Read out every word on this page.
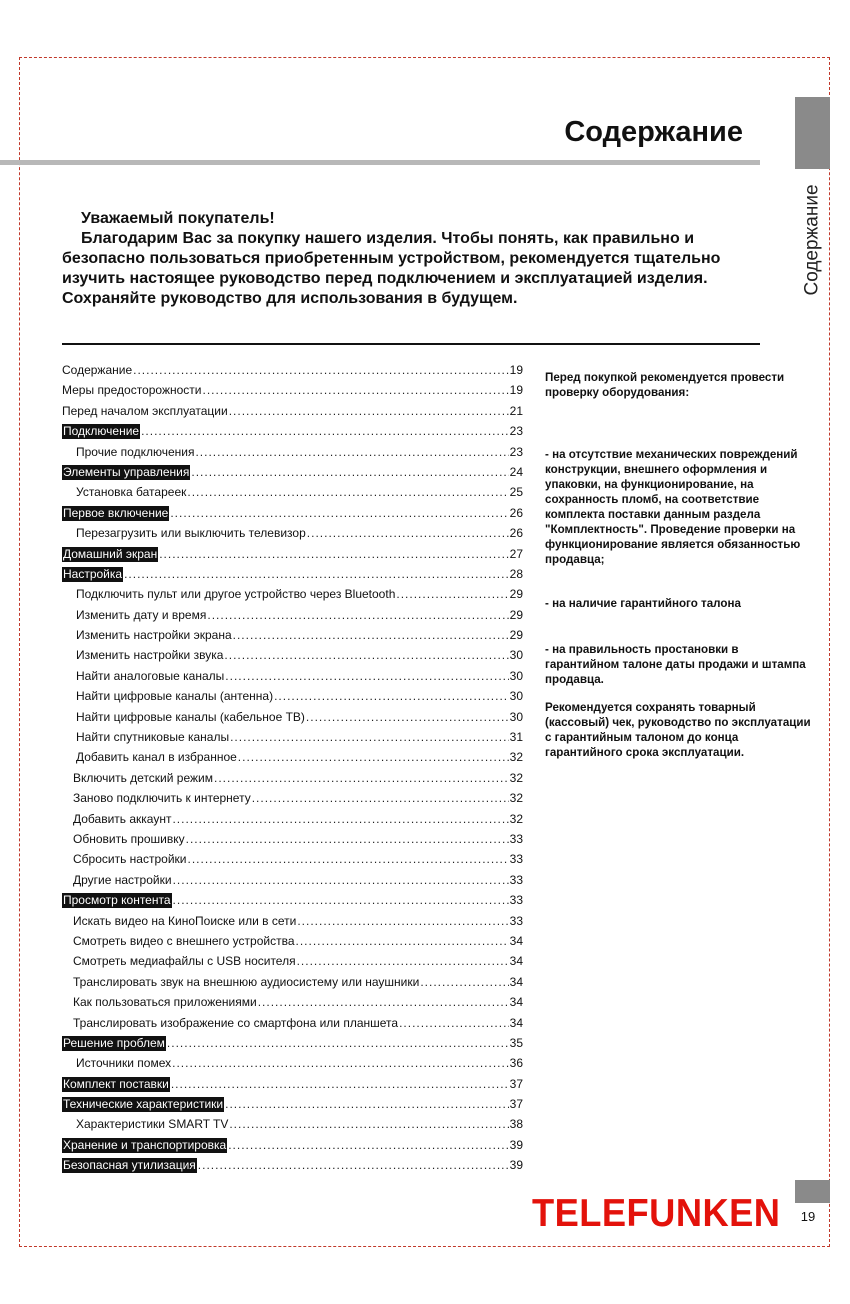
Содержание
Содержание
Уважаемый покупатель!

Благодарим Вас за покупку нашего изделия. Чтобы понять, как правильно и безопасно пользоваться приобретенным устройством, рекомендуется тщательно изучить настоящее руководство перед подключением и эксплуатацией изделия. Сохраняйте руководство для использования в будущем.

Содержание .....	19
Меры предосторожности .....	19
Перед началом эксплуатации .....	21
Подключение .....	23
Прочие подключения .....	23
Элементы управления .....	24
Установка батареек .....	25
Первое включение .....	26
Перезагрузить или выключить телевизор .....	26
Домашний экран .....	27
Настройка .....	28
Подключить пульт или другое устройство через Bluetooth .....	29
Изменить дату и время .....	29
Изменить настройки экрана .....	29
Изменить настройки звука .....	30
Найти аналоговые каналы .....	30
Найти цифровые каналы (антенна) .....	30
Найти цифровые каналы (кабельное ТВ) .....	30
Найти спутниковые каналы .....	31
Добавить канал в избранное .....	32
Включить детский режим .....	32
Заново подключить к интернету .....	32
Добавить аккаунт .....	32
Обновить прошивку .....	33
Сбросить настройки .....	33
Другие настройки .....	33
Просмотр контента .....	33
Искать видео на КиноПоиске или в сети .....	33
Смотреть видео с внешнего устройства .....	34
Смотреть медиафайлы с USB носителя .....	34
Транслировать звук на внешнюю аудиосистему или наушники .....	34
Как пользоваться приложениями .....	34
Транслировать изображение со смартфона или планшета .....	34
Решение проблем .....	35
Источники помех .....	36
Комплект поставки .....	37
Технические характеристики .....	37
Характеристики SMART TV .....	38
Хранение и транспортировка .....	39
Безопасная утилизация .....	39

Перед покупкой рекомендуется провести проверку оборудования:

- на отсутствие механических повреждений конструкции, внешнего оформления и упаковки, на функционирование, на сохранность пломб, на соответствие комплекта поставки данным раздела "Комплектность". Проведение проверки на функционирование является обязанностью продавца;

- на наличие гарантийного талона

- на правильность простановки в гарантийном талоне даты продажи и штампа продавца.

Рекомендуется сохранять товарный (кассовый) чек, руководство по эксплуатации с гарантийным талоном до конца гарантийного срока эксплуатации.

TELEFUNKEN	19
